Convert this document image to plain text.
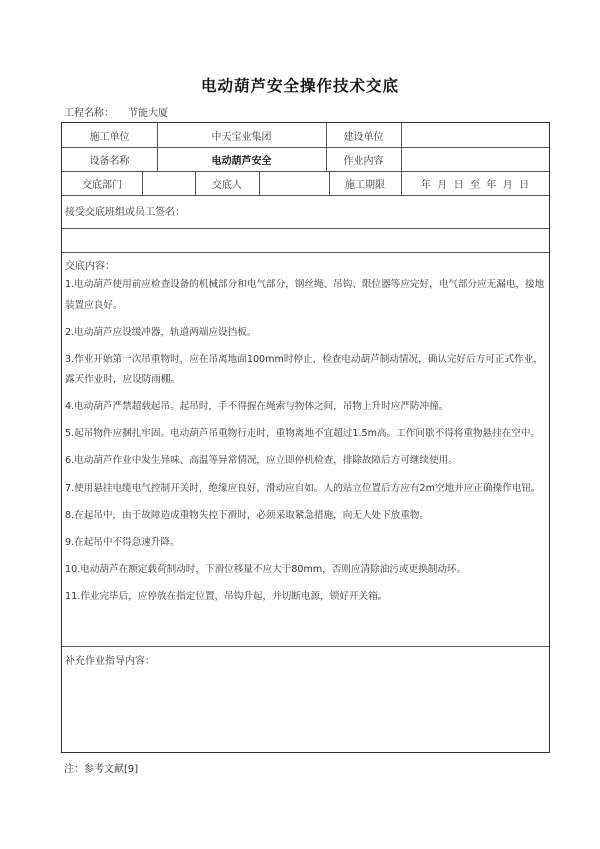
电动葫芦安全操作技术交底
工程名称： 节能大厦
施工单位	中天宝业集团	建设单位
设备名称	电动葫芦安全	作业内容
交底部门	交底人	施工期限	年  月  日  至  年  月  日
接受交底班组或员工签名：
交底内容：
1.电动葫芦使用前应检查设备的机械部分和电气部分，钢丝绳、吊钩、限位器等应完好，电气部分应无漏电，接地装置应良好。
2.电动葫芦应设缓冲器，轨道两端应设挡板。
3.作业开始第一次吊重物时，应在吊离地面100mm时停止，检查电动葫芦制动情况，确认完好后方可正式作业，露天作业时，应设防雨棚。
4.电动葫芦严禁超载起吊。起吊时，手不得握在绳索与物体之间，吊物上升时应严防冲撞。
5.起吊物件应捆扎牢固。电动葫芦吊重物行走时，重物离地不宜超过1.5m高。工作间歇不得将重物悬挂在空中。
6.电动葫芦作业中发生异味、高温等异常情况，应立即停机检查，排除故障后方可继续使用。
7.使用悬挂电缆电气控制开关时，绝缘应良好，滑动应自如。人的站立位置后方应有2m空地并应正确操作电钮。
8.在起吊中，由于故障造成重物失控下滑时，必须采取紧急措施，向无人处下放重物。
9.在起吊中不得急速升降。
10.电动葫芦在额定载荷制动时，下滑位移量不应大于80mm，否则应清除油污或更换制动环。
11.作业完毕后，应停放在指定位置，吊钩升起，并切断电源，锁好开关箱。
补充作业指导内容：
注：参考文献[9]
